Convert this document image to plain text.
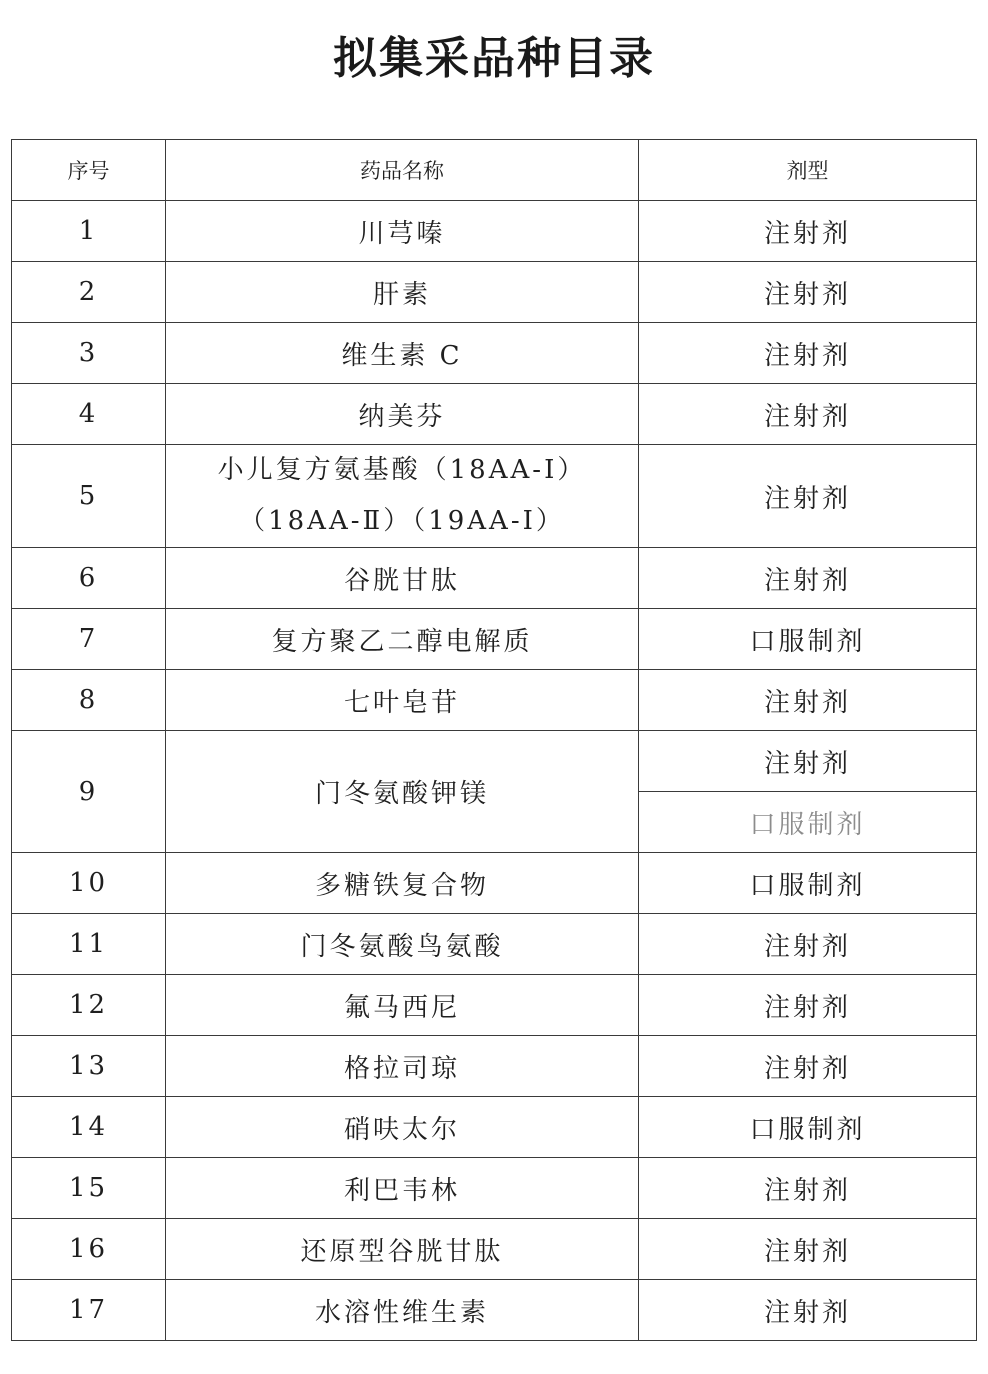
拟集采品种目录
序号	药品名称	剂型
1	川芎嗪	注射剂
2	肝素	注射剂
3	维生素 C	注射剂
4	纳美芬	注射剂
5	小儿复方氨基酸（18AA-Ⅰ）（18AA-Ⅱ）（19AA-Ⅰ）	注射剂
6	谷胱甘肽	注射剂
7	复方聚乙二醇电解质	口服制剂
8	七叶皂苷	注射剂
9	门冬氨酸钾镁	注射剂
		口服制剂
10	多糖铁复合物	口服制剂
11	门冬氨酸鸟氨酸	注射剂
12	氟马西尼	注射剂
13	格拉司琼	注射剂
14	硝呋太尔	口服制剂
15	利巴韦林	注射剂
16	还原型谷胱甘肽	注射剂
17	水溶性维生素	注射剂
